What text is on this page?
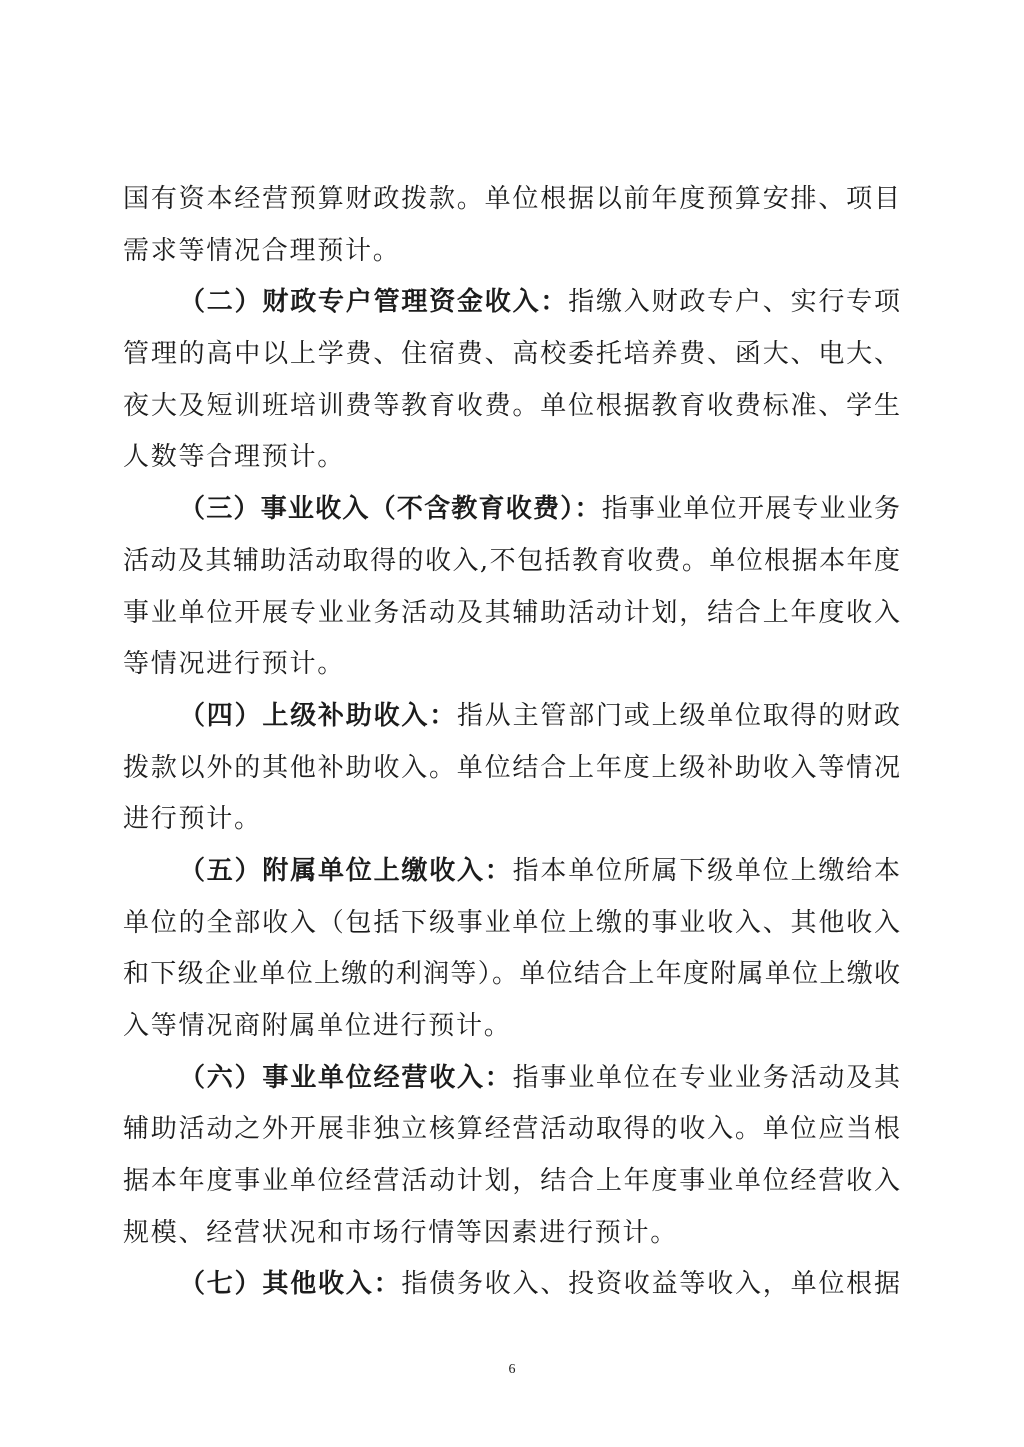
国有资本经营预算财政拨款。单位根据以前年度预算安排、项目
需求等情况合理预计。
（二）财政专户管理资金收入：指缴入财政专户、实行专项
管理的高中以上学费、住宿费、高校委托培养费、函大、电大、
夜大及短训班培训费等教育收费。单位根据教育收费标准、学生
人数等合理预计。
（三）事业收入（不含教育收费）：指事业单位开展专业业务
活动及其辅助活动取得的收入,不包括教育收费。单位根据本年度
事业单位开展专业业务活动及其辅助活动计划，结合上年度收入
等情况进行预计。
（四）上级补助收入：指从主管部门或上级单位取得的财政
拨款以外的其他补助收入。单位结合上年度上级补助收入等情况
进行预计。
（五）附属单位上缴收入：指本单位所属下级单位上缴给本
单位的全部收入（包括下级事业单位上缴的事业收入、其他收入
和下级企业单位上缴的利润等）。单位结合上年度附属单位上缴收
入等情况商附属单位进行预计。
（六）事业单位经营收入：指事业单位在专业业务活动及其
辅助活动之外开展非独立核算经营活动取得的收入。单位应当根
据本年度事业单位经营活动计划，结合上年度事业单位经营收入
规模、经营状况和市场行情等因素进行预计。
（七）其他收入：指债务收入、投资收益等收入，单位根据
6
